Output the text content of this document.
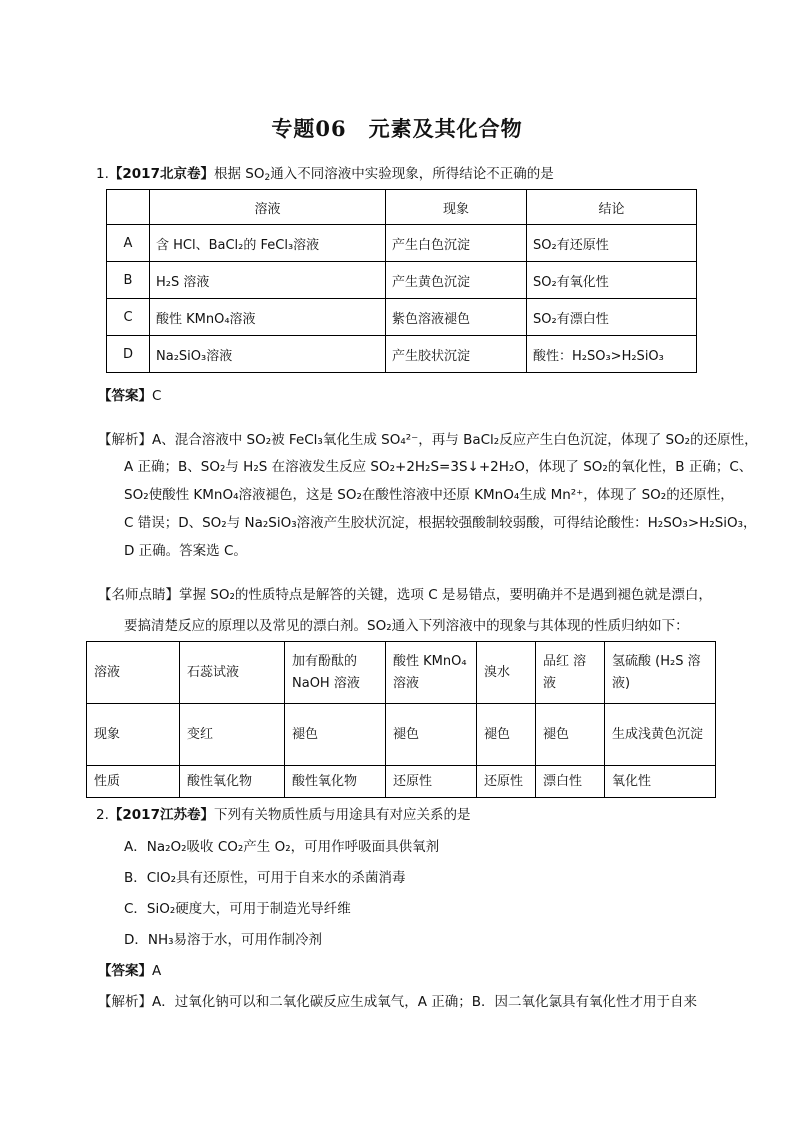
专题06　元素及其化合物
1.【2017北京卷】根据 $SO_2$通入不同溶液中实验现象，所得结论不正确的是
	溶液	现象	结论
A	含 HCl、BaCl₂的 FeCl₃溶液	产生白色沉淀	SO₂有还原性
B	H₂S 溶液	产生黄色沉淀	SO₂有氧化性
C	酸性 KMnO₄溶液	紫色溶液褪色	SO₂有漂白性
D	Na₂SiO₃溶液	产生胶状沉淀	酸性：H₂SO₃>H₂SiO₃
【答案】C
【解析】A、混合溶液中 SO₂被 FeCl₃氧化生成 SO₄²⁻，再与 BaCl₂反应产生白色沉淀，体现了 SO₂的还原性，
A 正确；B、SO₂与 H₂S 在溶液发生反应 SO₂+2H₂S=3S↓+2H₂O，体现了 SO₂的氧化性，B 正确；C、
SO₂使酸性 KMnO₄溶液褪色，这是 SO₂在酸性溶液中还原 KMnO₄生成 Mn²⁺，体现了 SO₂的还原性，
C 错误；D、SO₂与 Na₂SiO₃溶液产生胶状沉淀，根据较强酸制较弱酸，可得结论酸性：H₂SO₃>H₂SiO₃，
D 正确。答案选 C。
【名师点睛】掌握 SO₂的性质特点是解答的关键，选项 C 是易错点，要明确并不是遇到褪色就是漂白，
要搞清楚反应的原理以及常见的漂白剂。SO₂通入下列溶液中的现象与其体现的性质归纳如下：
溶液	石蕊试液	加有酚酞的 NaOH 溶液	酸性 KMnO₄ 溶液	溴水	品红 溶液	氢硫酸 (H₂S 溶液)
现象	变红	褪色	褪色	褪色	褪色	生成浅黄色沉淀
性质	酸性氧化物	酸性氧化物	还原性	还原性	漂白性	氧化性
2.【2017江苏卷】下列有关物质性质与用途具有对应关系的是
A．Na₂O₂吸收 CO₂产生 O₂，可用作呼吸面具供氧剂
B．ClO₂具有还原性，可用于自来水的杀菌消毒
C．SiO₂硬度大，可用于制造光导纤维
D．NH₃易溶于水，可用作制冷剂
【答案】A
【解析】A．过氧化钠可以和二氧化碳反应生成氧气，A 正确；B．因二氧化氯具有氧化性才用于自来
